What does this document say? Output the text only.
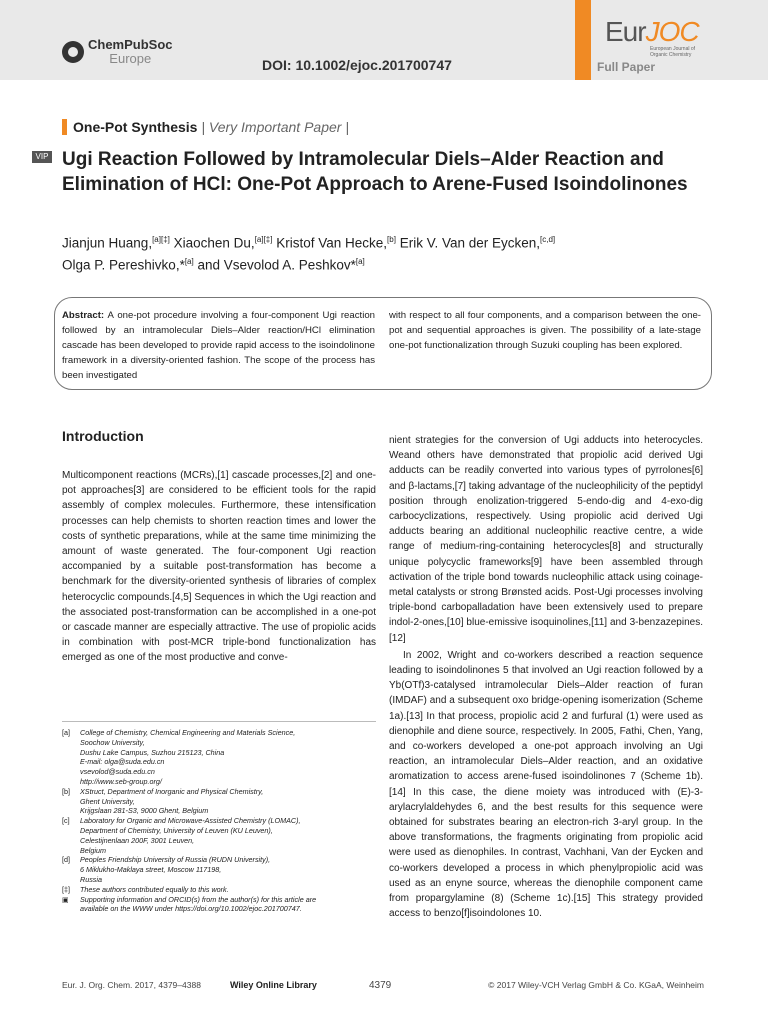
ChemPubSoc
Europe	DOI: 10.1002/ejoc.201700747
EurJOC
European Journal of Organic Chemistry
Full Paper
One-Pot Synthesis | Very Important Paper |
VIP Ugi Reaction Followed by Intramolecular Diels–Alder Reaction and Elimination of HCl: One-Pot Approach to Arene-Fused Isoindolinones
Jianjun Huang,[a][‡] Xiaochen Du,[a][‡] Kristof Van Hecke,[b] Erik V. Van der Eycken,[c,d]
Olga P. Pereshivko,*[a] and Vsevolod A. Peshkov*[a]
Abstract: A one-pot procedure involving a four-component Ugi reaction followed by an intramolecular Diels–Alder reaction/HCl elimination cascade has been developed to provide rapid access to the isoindolinone framework in a diversity-oriented fashion. The scope of the process has been investigated
with respect to all four components, and a comparison between the one-pot and sequential approaches is given. The possibility of a late-stage one-pot functionalization through Suzuki coupling has been explored.
Introduction

Multicomponent reactions (MCRs),[1] cascade processes,[2] and one-pot approaches[3] are considered to be efficient tools for the rapid assembly of complex molecules. Furthermore, these intensification processes can help chemists to shorten reaction times and lower the costs of synthetic preparations, while at the same time minimizing the amount of waste generated. The four-component Ugi reaction accompanied by a suitable post-transformation has become a benchmark for the diversity-oriented synthesis of libraries of complex heterocyclic compounds.[4,5] Sequences in which the Ugi reaction and the associated post-transformation can be accomplished in a one-pot or cascade manner are especially attractive. The use of propiolic acids in combination with post-MCR triple-bond functionalization has emerged as one of the most productive and conve-

nient strategies for the conversion of Ugi adducts into heterocycles. Weand others have demonstrated that propiolic acid derived Ugi adducts can be readily converted into various types of pyrrolones[6] and β-lactams,[7] taking advantage of the nucleophilicity of the peptidyl position through enolization-triggered 5-endo-dig and 4-exo-dig carbocyclizations, respectively. Using propiolic acid derived Ugi adducts bearing an additional nucleophilic reactive centre, a wide range of medium-ring-containing heterocycles[8] and structurally unique polycyclic frameworks[9] have been assembled through activation of the triple bond towards nucleophilic attack using coinage-metal catalysts or strong Brønsted acids. Post-Ugi processes involving triple-bond carbopalladation have been extensively used to prepare indol-2-ones,[10] blue-emissive isoquinolines,[11] and 3-benzazepines.[12]

In 2002, Wright and co-workers described a reaction sequence leading to isoindolinones 5 that involved an Ugi reaction followed by a Yb(OTf)3-catalysed intramolecular Diels–Alder reaction of furan (IMDAF) and a subsequent oxo bridge-opening isomerization (Scheme 1a).[13] In that process, propiolic acid 2 and furfural (1) were used as dienophile and diene source, respectively. In 2005, Fathi, Chen, Yang, and co-workers developed a one-pot approach involving an Ugi reaction, an intramolecular Diels–Alder reaction, and an oxidative aromatization to access arene-fused isoindolinones 7 (Scheme 1b).[14] In this case, the diene moiety was introduced with (E)-3-arylacrylaldehydes 6, and the best results for this sequence were obtained for substrates bearing an electron-rich 3-aryl group. In the above transformations, the fragments originating from propiolic acid were used as dienophiles. In contrast, Vachhani, Van der Eycken and co-workers developed a process in which phenylpropiolic acid was used as an enyne source, whereas the dienophile component came from propargylamine (8) (Scheme 1c).[15] This strategy provided access to benzo[f]isoindolones 10.

[a]	College of Chemistry, Chemical Engineering and Materials Science,
Soochow University,
Dushu Lake Campus, Suzhou 215123, China
E-mail: olga@suda.edu.cn
vsevolod@suda.edu.cn
http://www.seb-group.org/
[b]	XStruct, Department of Inorganic and Physical Chemistry,
Ghent University,
Krijgslaan 281-S3, 9000 Ghent, Belgium
[c]	Laboratory for Organic and Microwave-Assisted Chemistry (LOMAC),
Department of Chemistry, University of Leuven (KU Leuven),
Celestijnenlaan 200F, 3001 Leuven,
Belgium
[d]	Peoples Friendship University of Russia (RUDN University),
6 Miklukho-Maklaya street, Moscow 117198,
Russia
[‡]	These authors contributed equally to this work.
▣	Supporting information and ORCID(s) from the author(s) for this article are
available on the WWW under https://doi.org/10.1002/ejoc.201700747.
Eur. J. Org. Chem. 2017, 4379–4388	Wiley Online Library	4379	© 2017 Wiley-VCH Verlag GmbH & Co. KGaA, Weinheim
